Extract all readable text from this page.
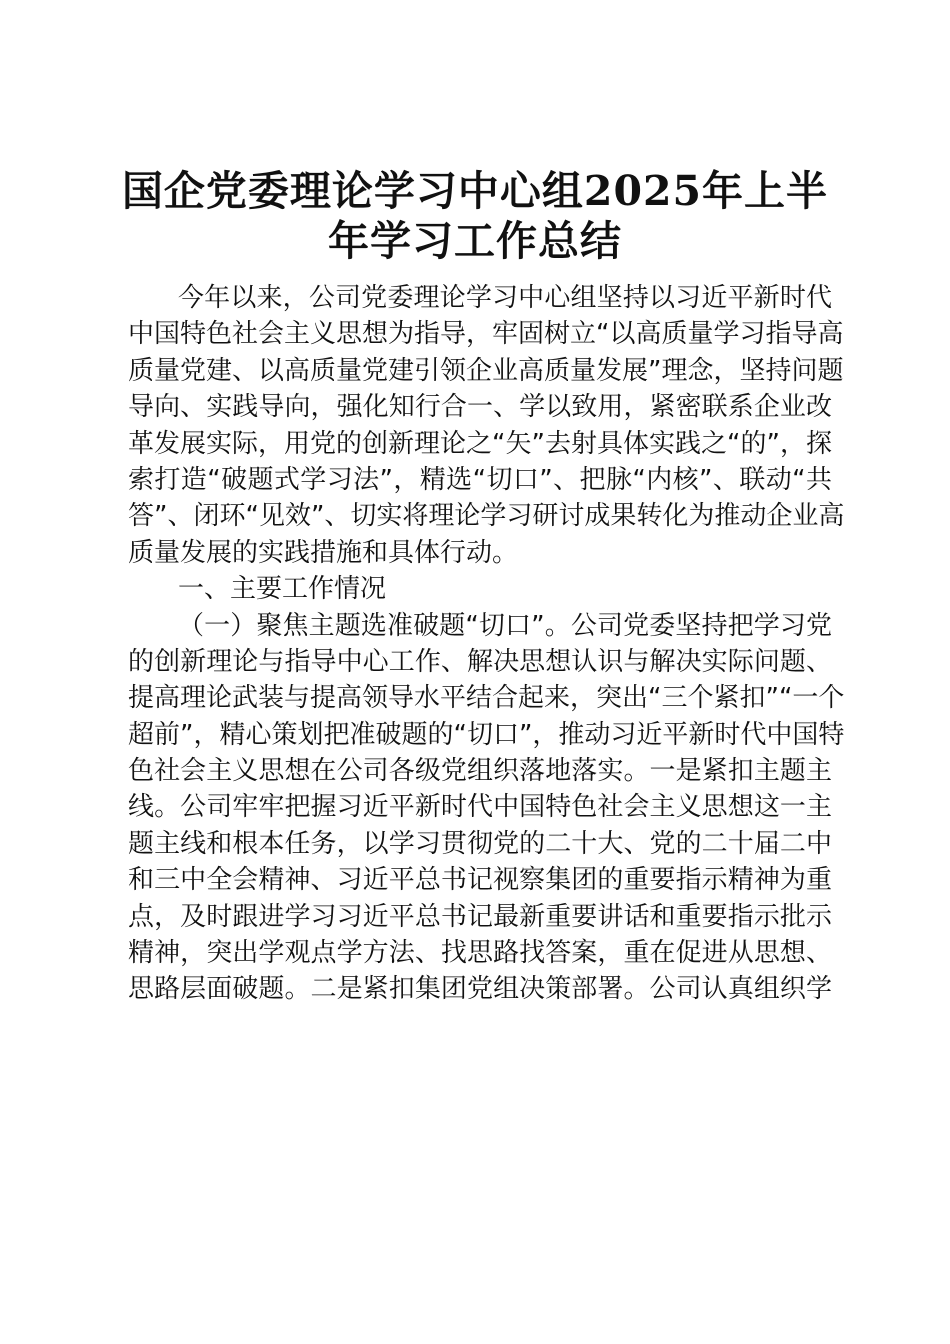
国企党委理论学习中心组2025年上半
年学习工作总结
今年以来，公司党委理论学习中心组坚持以习近平新时代
中国特色社会主义思想为指导，牢固树立“以高质量学习指导高
质量党建、以高质量党建引领企业高质量发展”理念，坚持问题
导向、实践导向，强化知行合一、学以致用，紧密联系企业改
革发展实际，用党的创新理论之“矢”去射具体实践之“的”，探
索打造“破题式学习法”，精选“切口”、把脉“内核”、联动“共
答”、闭环“见效”、切实将理论学习研讨成果转化为推动企业高
质量发展的实践措施和具体行动。
一、主要工作情况
（一）聚焦主题选准破题“切口”。公司党委坚持把学习党
的创新理论与指导中心工作、解决思想认识与解决实际问题、
提高理论武装与提高领导水平结合起来，突出“三个紧扣”“一个
超前”，精心策划把准破题的“切口”，推动习近平新时代中国特
色社会主义思想在公司各级党组织落地落实。一是紧扣主题主
线。公司牢牢把握习近平新时代中国特色社会主义思想这一主
题主线和根本任务，以学习贯彻党的二十大、党的二十届二中
和三中全会精神、习近平总书记视察集团的重要指示精神为重
点，及时跟进学习习近平总书记最新重要讲话和重要指示批示
精神，突出学观点学方法、找思路找答案，重在促进从思想、
思路层面破题。二是紧扣集团党组决策部署。公司认真组织学
